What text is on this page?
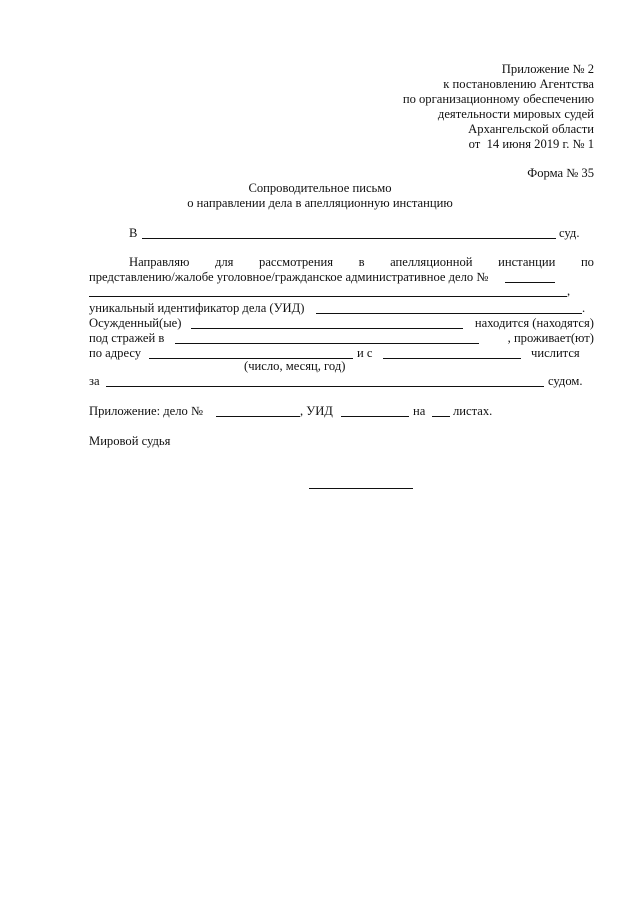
Приложение № 2
к постановлению Агентства
по организационному обеспечению
деятельности мировых судей
Архангельской области
от  14 июня 2019 г. № 1
Форма № 35
Сопроводительное письмо
о направлении дела в апелляционную инстанцию
В	суд.
Направляю для рассмотрения в апелляционной инстанции по
представлению/жалобе уголовное/гражданское административное дело №
,
уникальный идентификатор дела (УИД)	.
Осужденный(ые)	находится (находятся)
под стражей в	, проживает(ют)
по адресу	и с	числится
(число, месяц, год)
за	судом.
Приложение: дело №	, УИД	на листах.
Мировой судья
